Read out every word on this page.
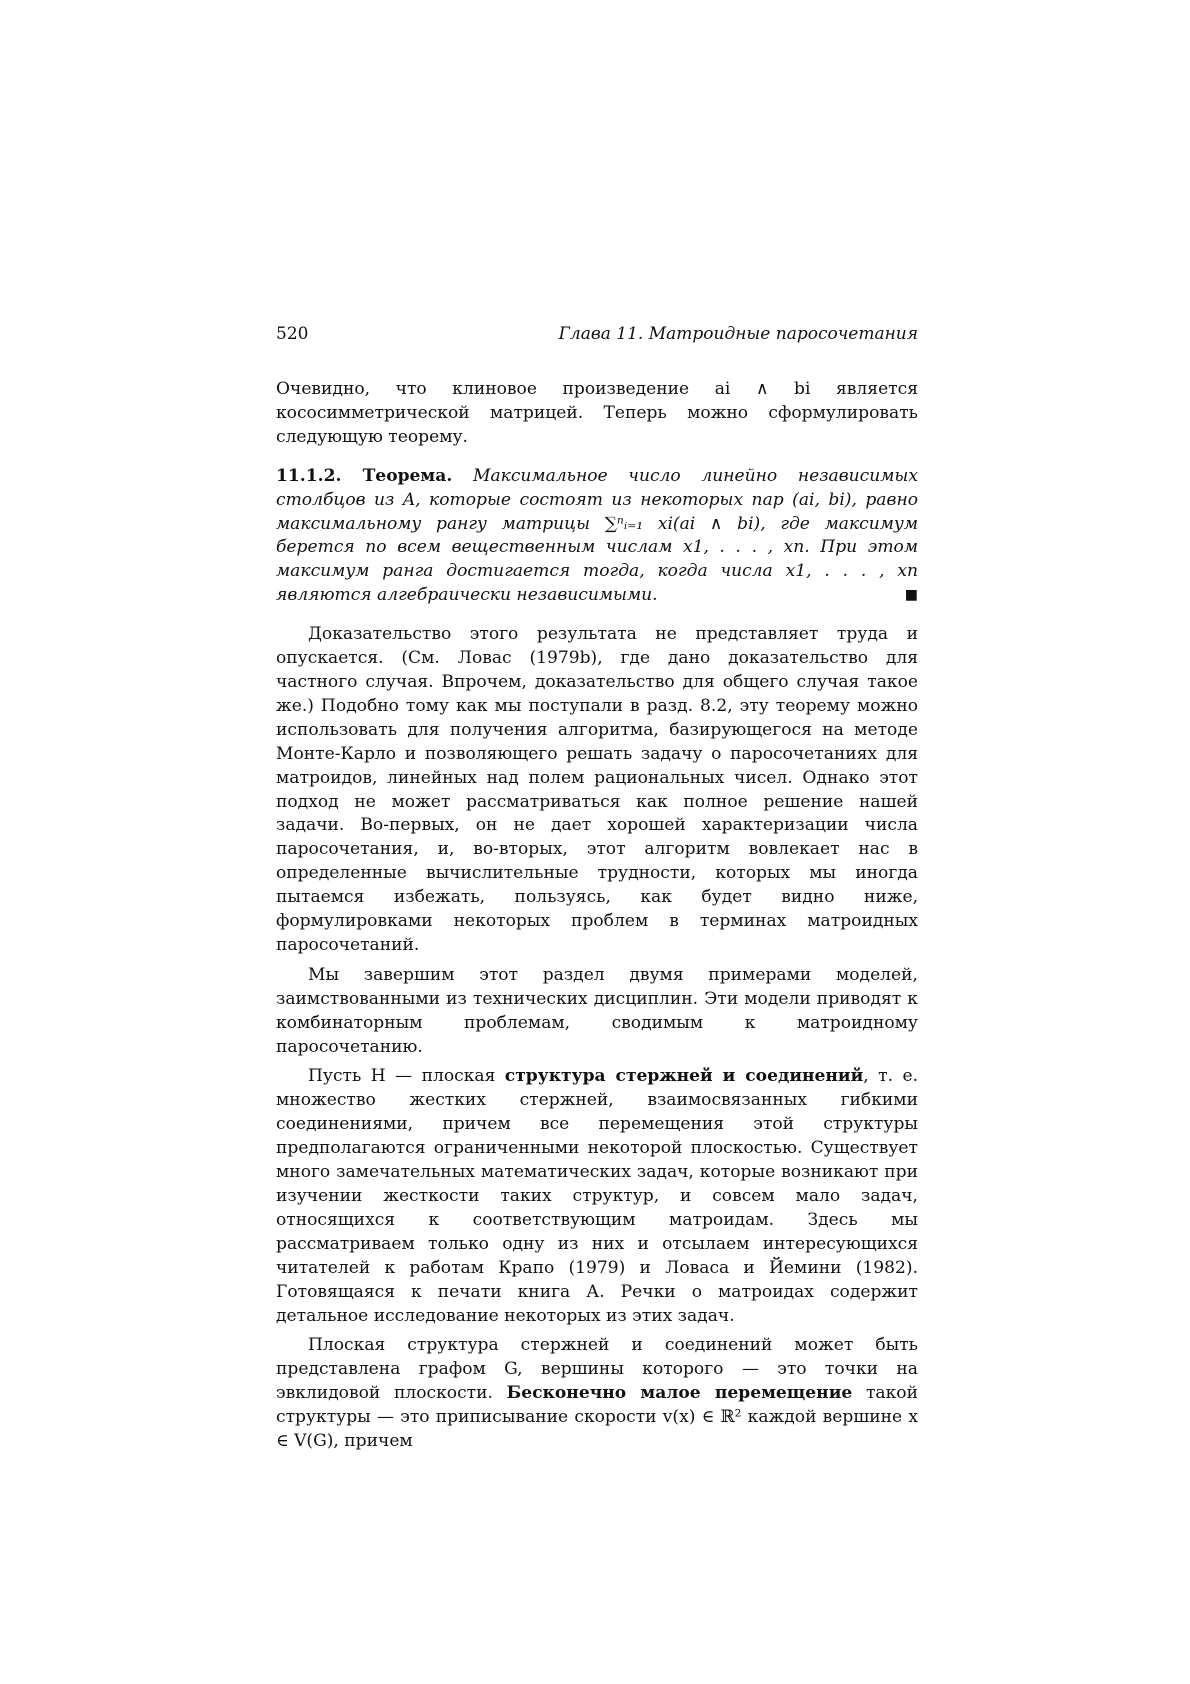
520	Глава 11. Матроидные паросочетания

Очевидно, что клиновое произведение ai ∧ bi является кососимметрической матрицей. Теперь можно сформулировать следующую теорему.

11.1.2. Теорема. Максимальное число линейно независимых столбцов из A, которые состоят из некоторых пар (ai, bi), равно максимальному рангу матрицы ∑ⁿᵢ₌₁ xi(ai ∧ bi), где максимум берется по всем вещественным числам x1, . . . , xn. При этом максимум ранга достигается тогда, когда числа x1, . . . , xn являются алгебраически независимыми.	■

Доказательство этого результата не представляет труда и опускается. (См. Ловас (1979b), где дано доказательство для частного случая. Впрочем, доказательство для общего случая такое же.) Подобно тому как мы поступали в разд. 8.2, эту теорему можно использовать для получения алгоритма, базирующегося на методе Монте-Карло и позволяющего решать задачу о паросочетаниях для матроидов, линейных над полем рациональных чисел. Однако этот подход не может рассматриваться как полное решение нашей задачи. Во-первых, он не дает хорошей характеризации числа паросочетания, и, во-вторых, этот алгоритм вовлекает нас в определенные вычислительные трудности, которых мы иногда пытаемся избежать, пользуясь, как будет видно ниже, формулировками некоторых проблем в терминах матроидных паросочетаний.

Мы завершим этот раздел двумя примерами моделей, заимствованными из технических дисциплин. Эти модели приводят к комбинаторным проблемам, сводимым к матроидному паросочетанию.

Пусть H — плоская структура стержней и соединений, т. е. множество жестких стержней, взаимосвязанных гибкими соединениями, причем все перемещения этой структуры предполагаются ограниченными некоторой плоскостью. Существует много замечательных математических задач, которые возникают при изучении жесткости таких структур, и совсем мало задач, относящихся к соответствующим матроидам. Здесь мы рассматриваем только одну из них и отсылаем интересующихся читателей к работам Крапо (1979) и Ловаса и Йемини (1982). Готовящаяся к печати книга А. Речки о матроидах содержит детальное исследование некоторых из этих задач.

Плоская структура стержней и соединений может быть представлена графом G, вершины которого — это точки на эвклидовой плоскости. Бесконечно малое перемещение такой структуры — это приписывание скорости v(x) ∈ ℝ² каждой вершине x ∈ V(G), причем
